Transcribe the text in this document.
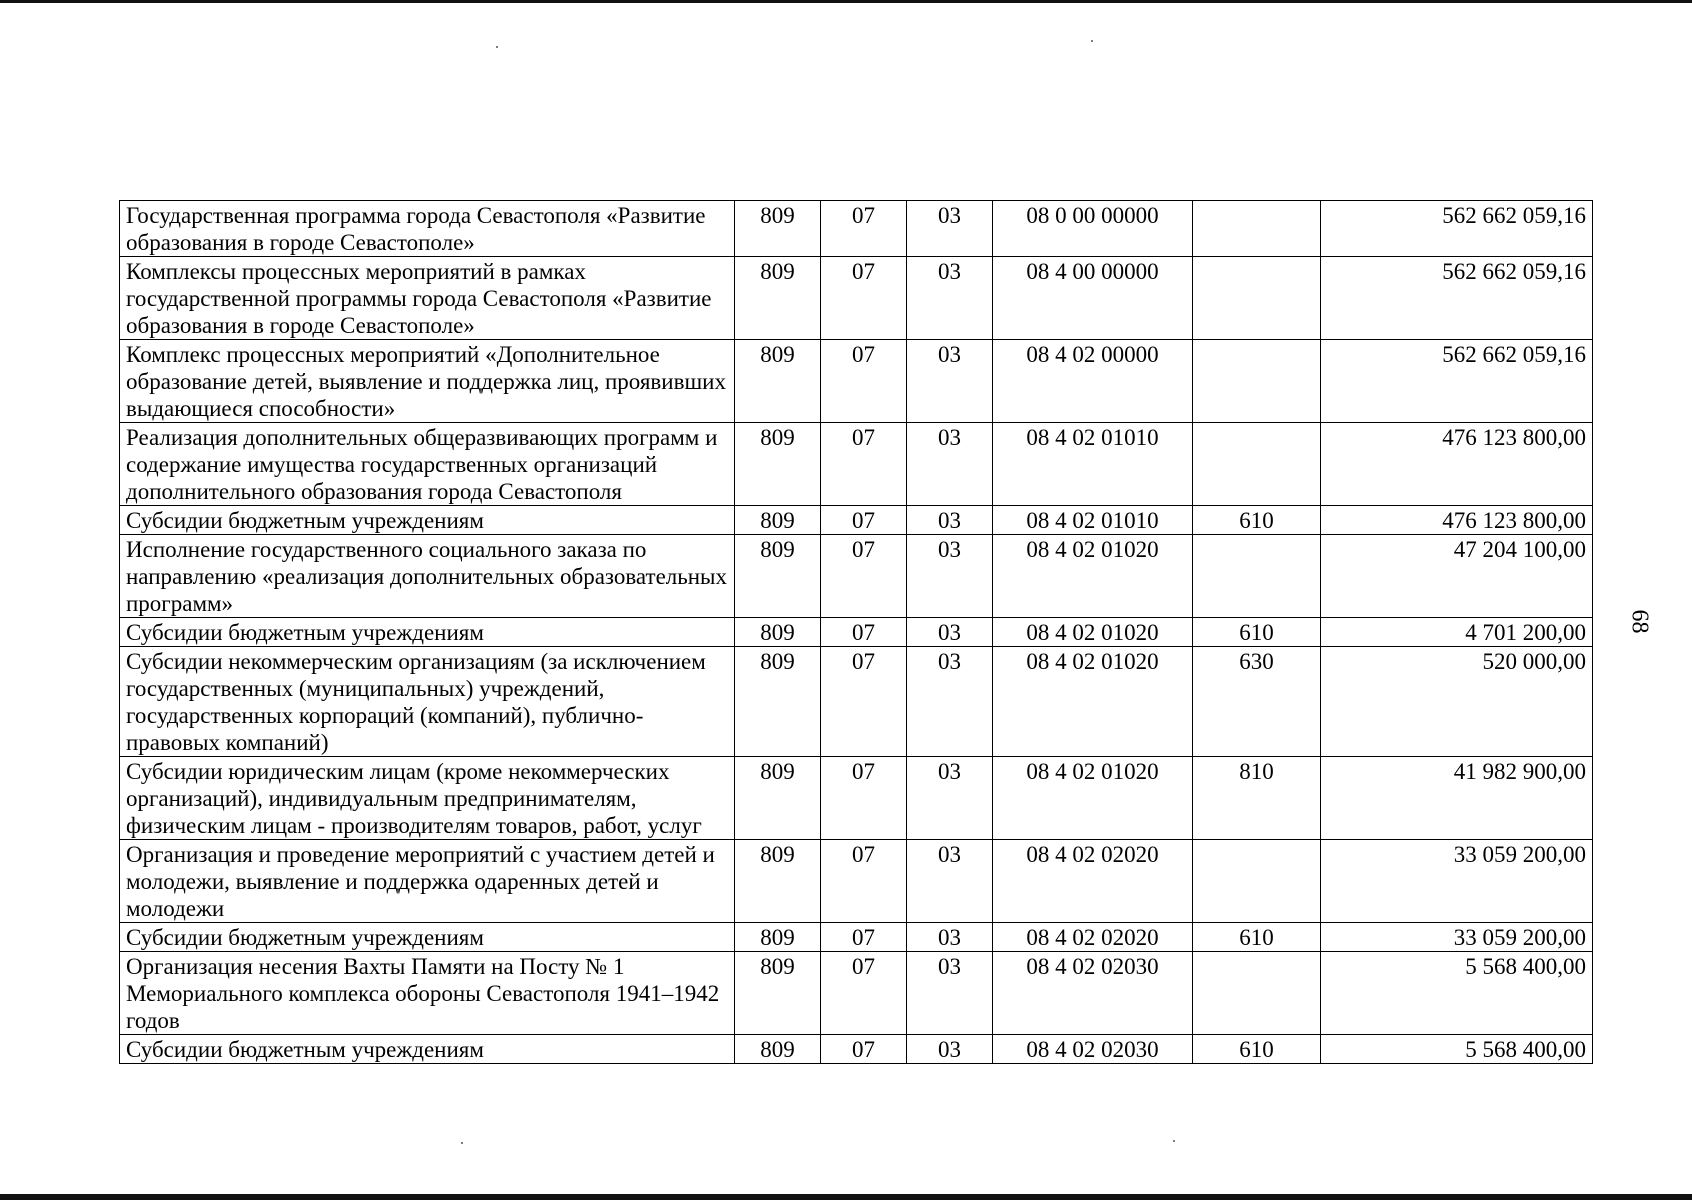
Государственная программа города Севастополя «Развитие образования в городе Севастополе»	809	07	03	08 0 00 00000		562 662 059,16
Комплексы процессных мероприятий в рамках государственной программы города Севастополя «Развитие образования в городе Севастополе»	809	07	03	08 4 00 00000		562 662 059,16
Комплекс процессных мероприятий «Дополнительное образование детей, выявление и поддержка лиц, проявивших выдающиеся способности»	809	07	03	08 4 02 00000		562 662 059,16
Реализация дополнительных общеразвивающих программ и содержание имущества государственных организаций дополнительного образования города Севастополя	809	07	03	08 4 02 01010		476 123 800,00
Субсидии бюджетным учреждениям	809	07	03	08 4 02 01010	610	476 123 800,00
Исполнение государственного социального заказа по направлению «реализация дополнительных образовательных программ»	809	07	03	08 4 02 01020		47 204 100,00
Субсидии бюджетным учреждениям	809	07	03	08 4 02 01020	610	4 701 200,00
Субсидии некоммерческим организациям (за исключением государственных (муниципальных) учреждений, государственных корпораций (компаний), публично-правовых компаний)	809	07	03	08 4 02 01020	630	520 000,00
Субсидии юридическим лицам (кроме некоммерческих организаций), индивидуальным предпринимателям, физическим лицам - производителям товаров, работ, услуг	809	07	03	08 4 02 01020	810	41 982 900,00
Организация и проведение мероприятий с участием детей и молодежи, выявление и поддержка одаренных детей и молодежи	809	07	03	08 4 02 02020		33 059 200,00
Субсидии бюджетным учреждениям	809	07	03	08 4 02 02020	610	33 059 200,00
Организация несения Вахты Памяти на Посту № 1 Мемориального комплекса обороны Севастополя 1941–1942 годов	809	07	03	08 4 02 02030		5 568 400,00
Субсидии бюджетным учреждениям	809	07	03	08 4 02 02030	610	5 568 400,00
68
